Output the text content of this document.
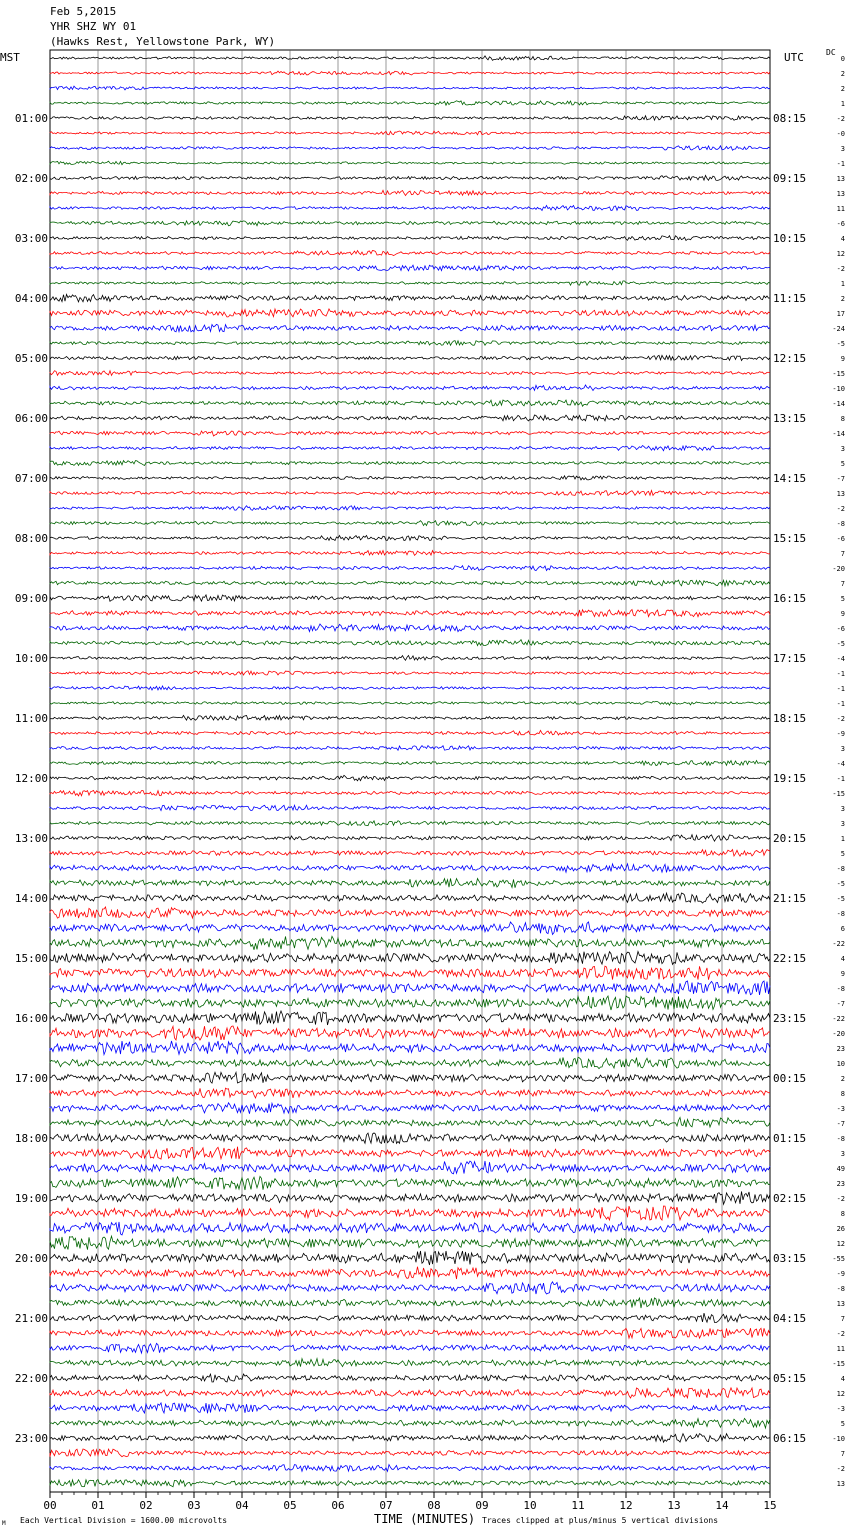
00	01	02	03	04	05	06	07	08	09	10	11	12	13	14	15
0
2
2
1
-2
01:00	08:15
-0
3
-1
13
02:00	09:15
13
11
-6
4
03:00	10:15
12
-2
1
2
04:00	11:15
17
-24
-5
9
05:00	12:15
-15
-10
-14
8
06:00	13:15
-14
3
5
-7
07:00	14:15
13
-2
-8
-6
08:00	15:15
7
-20
7
5
09:00	16:15
9
-6
-5
-4
10:00	17:15
-1
-1
-1
-2
11:00	18:15
-9
3
-4
-1
12:00	19:15
-15
3
3
1
13:00	20:15
5
-8
-5
-5
14:00	21:15
-8
6
-22
4
15:00	22:15
9
-8
-7
-22
16:00	23:15
-20
23
10
2
17:00	00:15
8
-3
-7
-8
18:00	01:15
3
49
23
-2
19:00	02:15
8
26
12
-55
20:00	03:15
-9
-8
13
7
21:00	04:15
-2
11
-15
4
22:00	05:15
12
-3
5
-10
23:00	06:15
7
-2
13
Feb 5,2015
YHR SHZ WY 01
(Hawks Rest, Yellowstone Park, WY)
MST	UTC	DC
TIME (MINUTES)
M Each Vertical Division = 1600.00 microvolts	Traces clipped at plus/minus 5 vertical divisions
